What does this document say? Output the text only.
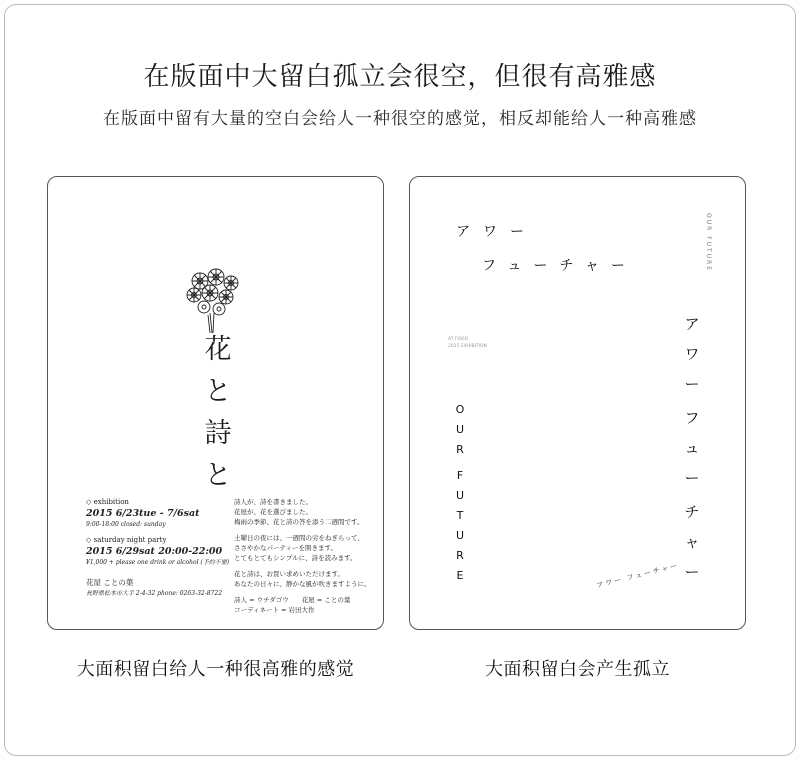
在版面中大留白孤立会很空，但很有高雅感
在版面中留有大量的空白会给人一种很空的感觉，相反却能给人一种高雅感
花
と
詩
と
◇ exhibition
2015 6/23tue - 7/6sat
9:00-18:00 closed: sunday
◇ saturday night party
2015 6/29sat 20:00-22:00
¥1,000 + please one drink or alcohol (予約不要)
花屋 ことの葉
長野県松本市大手 2-4-32 phone: 0263-32-8722
詩人が、詩を書きました。
花屋が、花を選びました。
梅雨の季節、花と詩の答を添う二週間です。
土曜日の夜には、一週間の労をねぎらって、
ささやかなパーティーを開きます。
とてもとてもシンプルに、詩を読みます。
花と詩は、お買い求めいただけます。
あなたの日々に、静かな風が吹きますように。
詩人 = ウチダゴウ　　花屋 = ことの葉
コーディネート = 岩田大作
アワー
フューチャー	OUR FUTURE
AT FOOD
2015 EXHIBITION
ア
ワ
ー
フ
ュ
ー
チ
ャ
ー
O
U
R
F
U
T
U
R
E	アワー フューチャー
大面积留白给人一种很高雅的感觉	大面积留白会产生孤立
